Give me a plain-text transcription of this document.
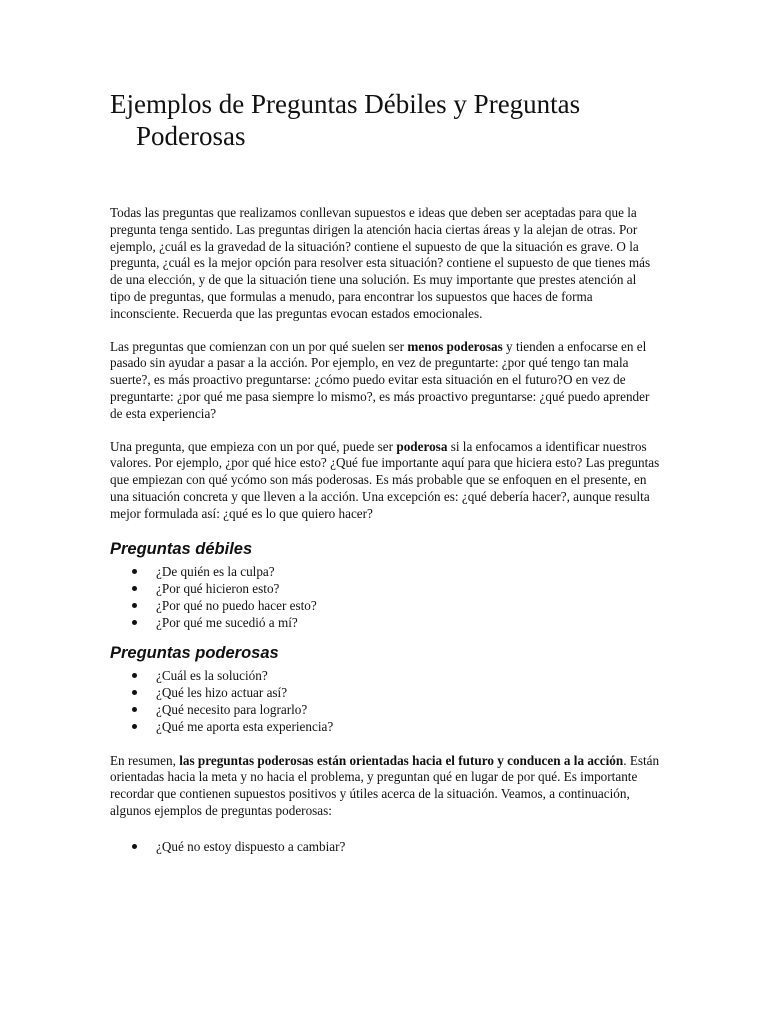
Ejemplos de Preguntas Débiles y Preguntas Poderosas

Todas las preguntas que realizamos conllevan supuestos e ideas que deben ser aceptadas para que la pregunta tenga sentido. Las preguntas dirigen la atención hacia ciertas áreas y la alejan de otras. Por ejemplo, ¿cuál es la gravedad de la situación? contiene el supuesto de que la situación es grave. O la pregunta, ¿cuál es la mejor opción para resolver esta situación? contiene el supuesto de que tienes más de una elección, y de que la situación tiene una solución. Es muy importante que prestes atención al tipo de preguntas, que formulas a menudo, para encontrar los supuestos que haces de forma inconsciente. Recuerda que las preguntas evocan estados emocionales.

Las preguntas que comienzan con un por qué suelen ser menos poderosas y tienden a enfocarse en el pasado sin ayudar a pasar a la acción. Por ejemplo, en vez de preguntarte: ¿por qué tengo tan mala suerte?, es más proactivo preguntarse: ¿cómo puedo evitar esta situación en el futuro?O en vez de preguntarte: ¿por qué me pasa siempre lo mismo?, es más proactivo preguntarse: ¿qué puedo aprender de esta experiencia?

Una pregunta, que empieza con un por qué, puede ser poderosa si la enfocamos a identificar nuestros valores. Por ejemplo, ¿por qué hice esto? ¿Qué fue importante aquí para que hiciera esto? Las preguntas que empiezan con qué ycómo son más poderosas. Es más probable que se enfoquen en el presente, en una situación concreta y que lleven a la acción. Una excepción es: ¿qué debería hacer?, aunque resulta mejor formulada así: ¿qué es lo que quiero hacer?

Preguntas débiles
¿De quién es la culpa?
¿Por qué hicieron esto?
¿Por qué no puedo hacer esto?
¿Por qué me sucedió a mí?
Preguntas poderosas
¿Cuál es la solución?
¿Qué les hizo actuar así?
¿Qué necesito para lograrlo?
¿Qué me aporta esta experiencia?

En resumen, las preguntas poderosas están orientadas hacia el futuro y conducen a la acción. Están orientadas hacia la meta y no hacia el problema, y preguntan qué en lugar de por qué. Es importante recordar que contienen supuestos positivos y útiles acerca de la situación. Veamos, a continuación, algunos ejemplos de preguntas poderosas:

¿Qué no estoy dispuesto a cambiar?
